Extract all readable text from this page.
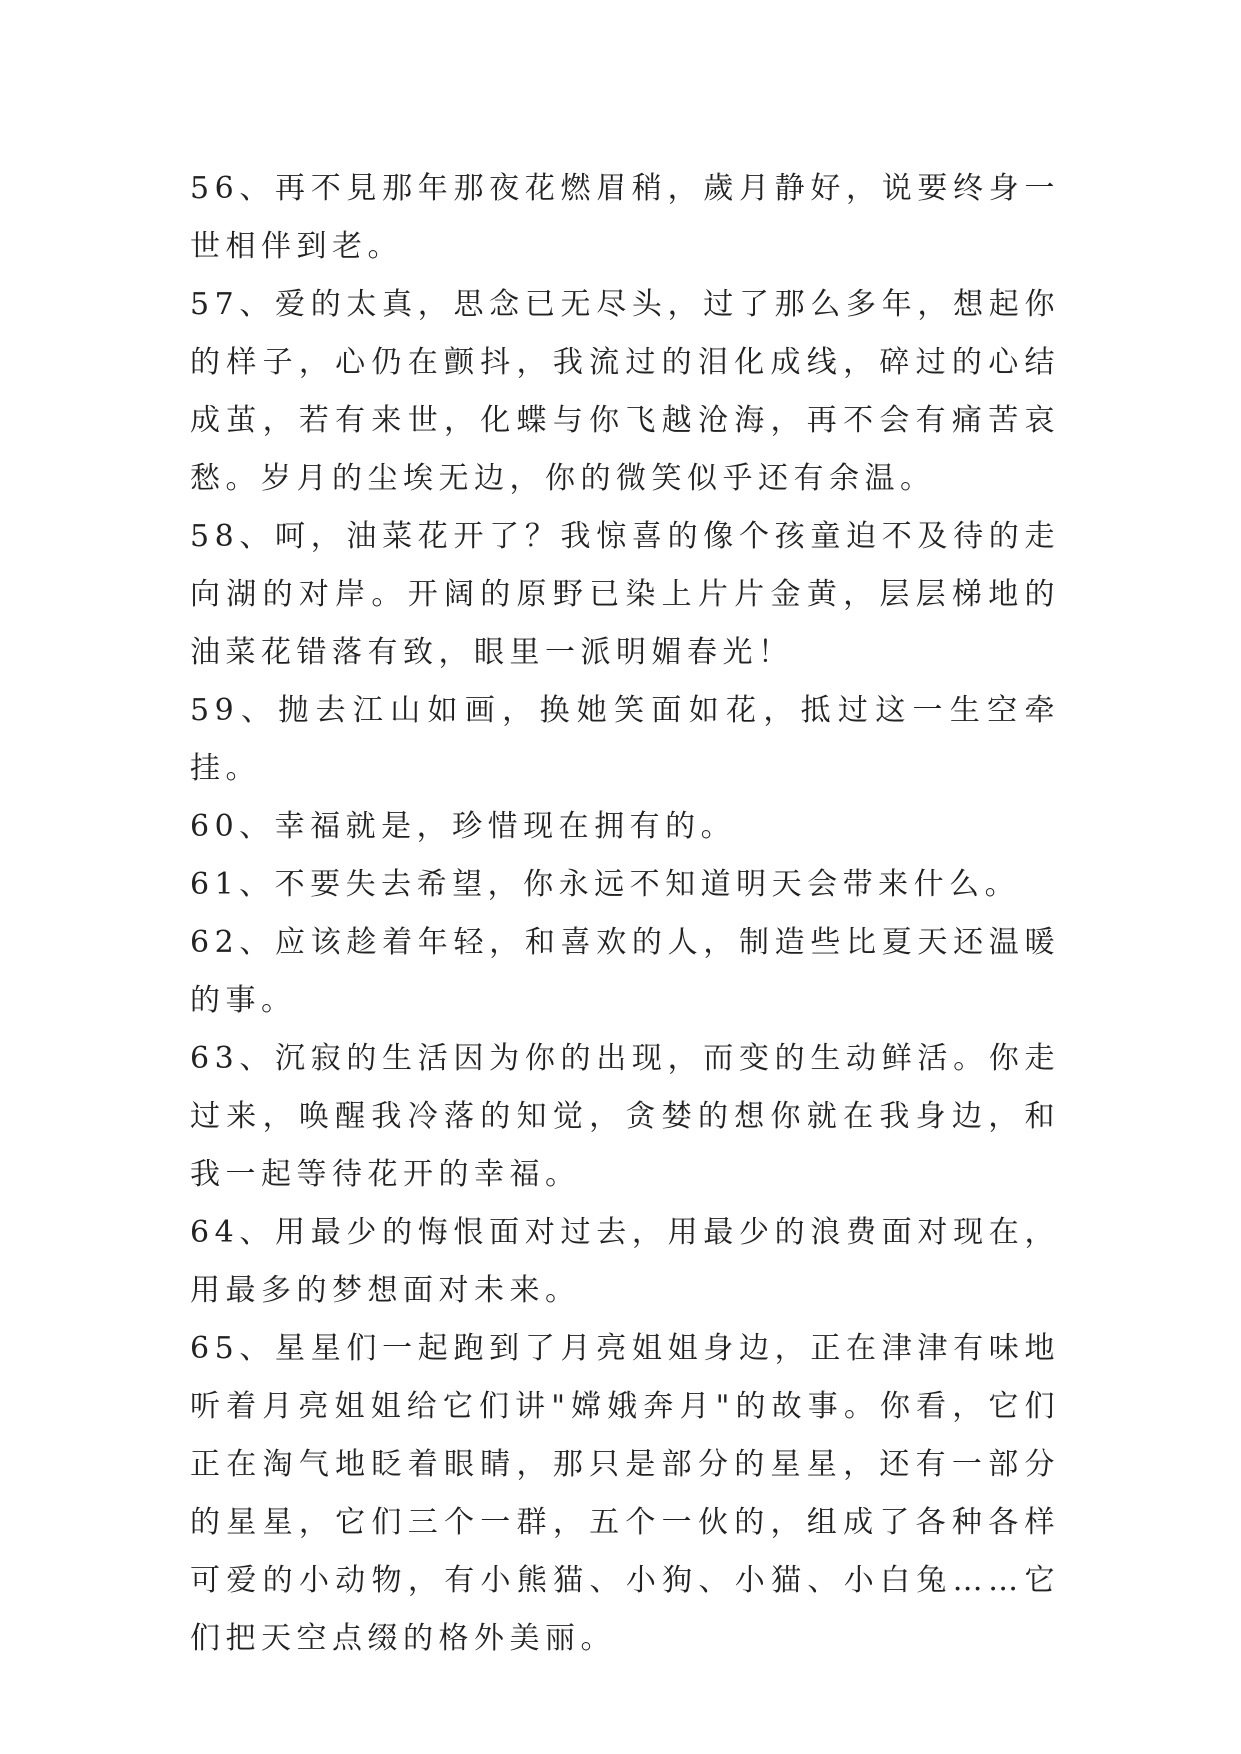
56、再不見那年那夜花燃眉稍，歲月静好，说要终身一世相伴到老。

57、爱的太真，思念已无尽头，过了那么多年，想起你的样子，心仍在颤抖，我流过的泪化成线，碎过的心结成茧，若有来世，化蝶与你飞越沧海，再不会有痛苦哀愁。岁月的尘埃无边，你的微笑似乎还有余温。

58、呵，油菜花开了？我惊喜的像个孩童迫不及待的走向湖的对岸。开阔的原野已染上片片金黄，层层梯地的油菜花错落有致，眼里一派明媚春光！

59、抛去江山如画，换她笑面如花，抵过这一生空牵挂。

60、幸福就是，珍惜现在拥有的。

61、不要失去希望，你永远不知道明天会带来什么。

62、应该趁着年轻，和喜欢的人，制造些比夏天还温暖的事。

63、沉寂的生活因为你的出现，而变的生动鲜活。你走过来，唤醒我冷落的知觉，贪婪的想你就在我身边，和我一起等待花开的幸福。

64、用最少的悔恨面对过去，用最少的浪费面对现在，用最多的梦想面对未来。

65、星星们一起跑到了月亮姐姐身边，正在津津有味地听着月亮姐姐给它们讲"嫦娥奔月"的故事。你看，它们正在淘气地眨着眼睛，那只是部分的星星，还有一部分的星星，它们三个一群，五个一伙的，组成了各种各样可爱的小动物，有小熊猫、小狗、小猫、小白兔……它们把天空点缀的格外美丽。
